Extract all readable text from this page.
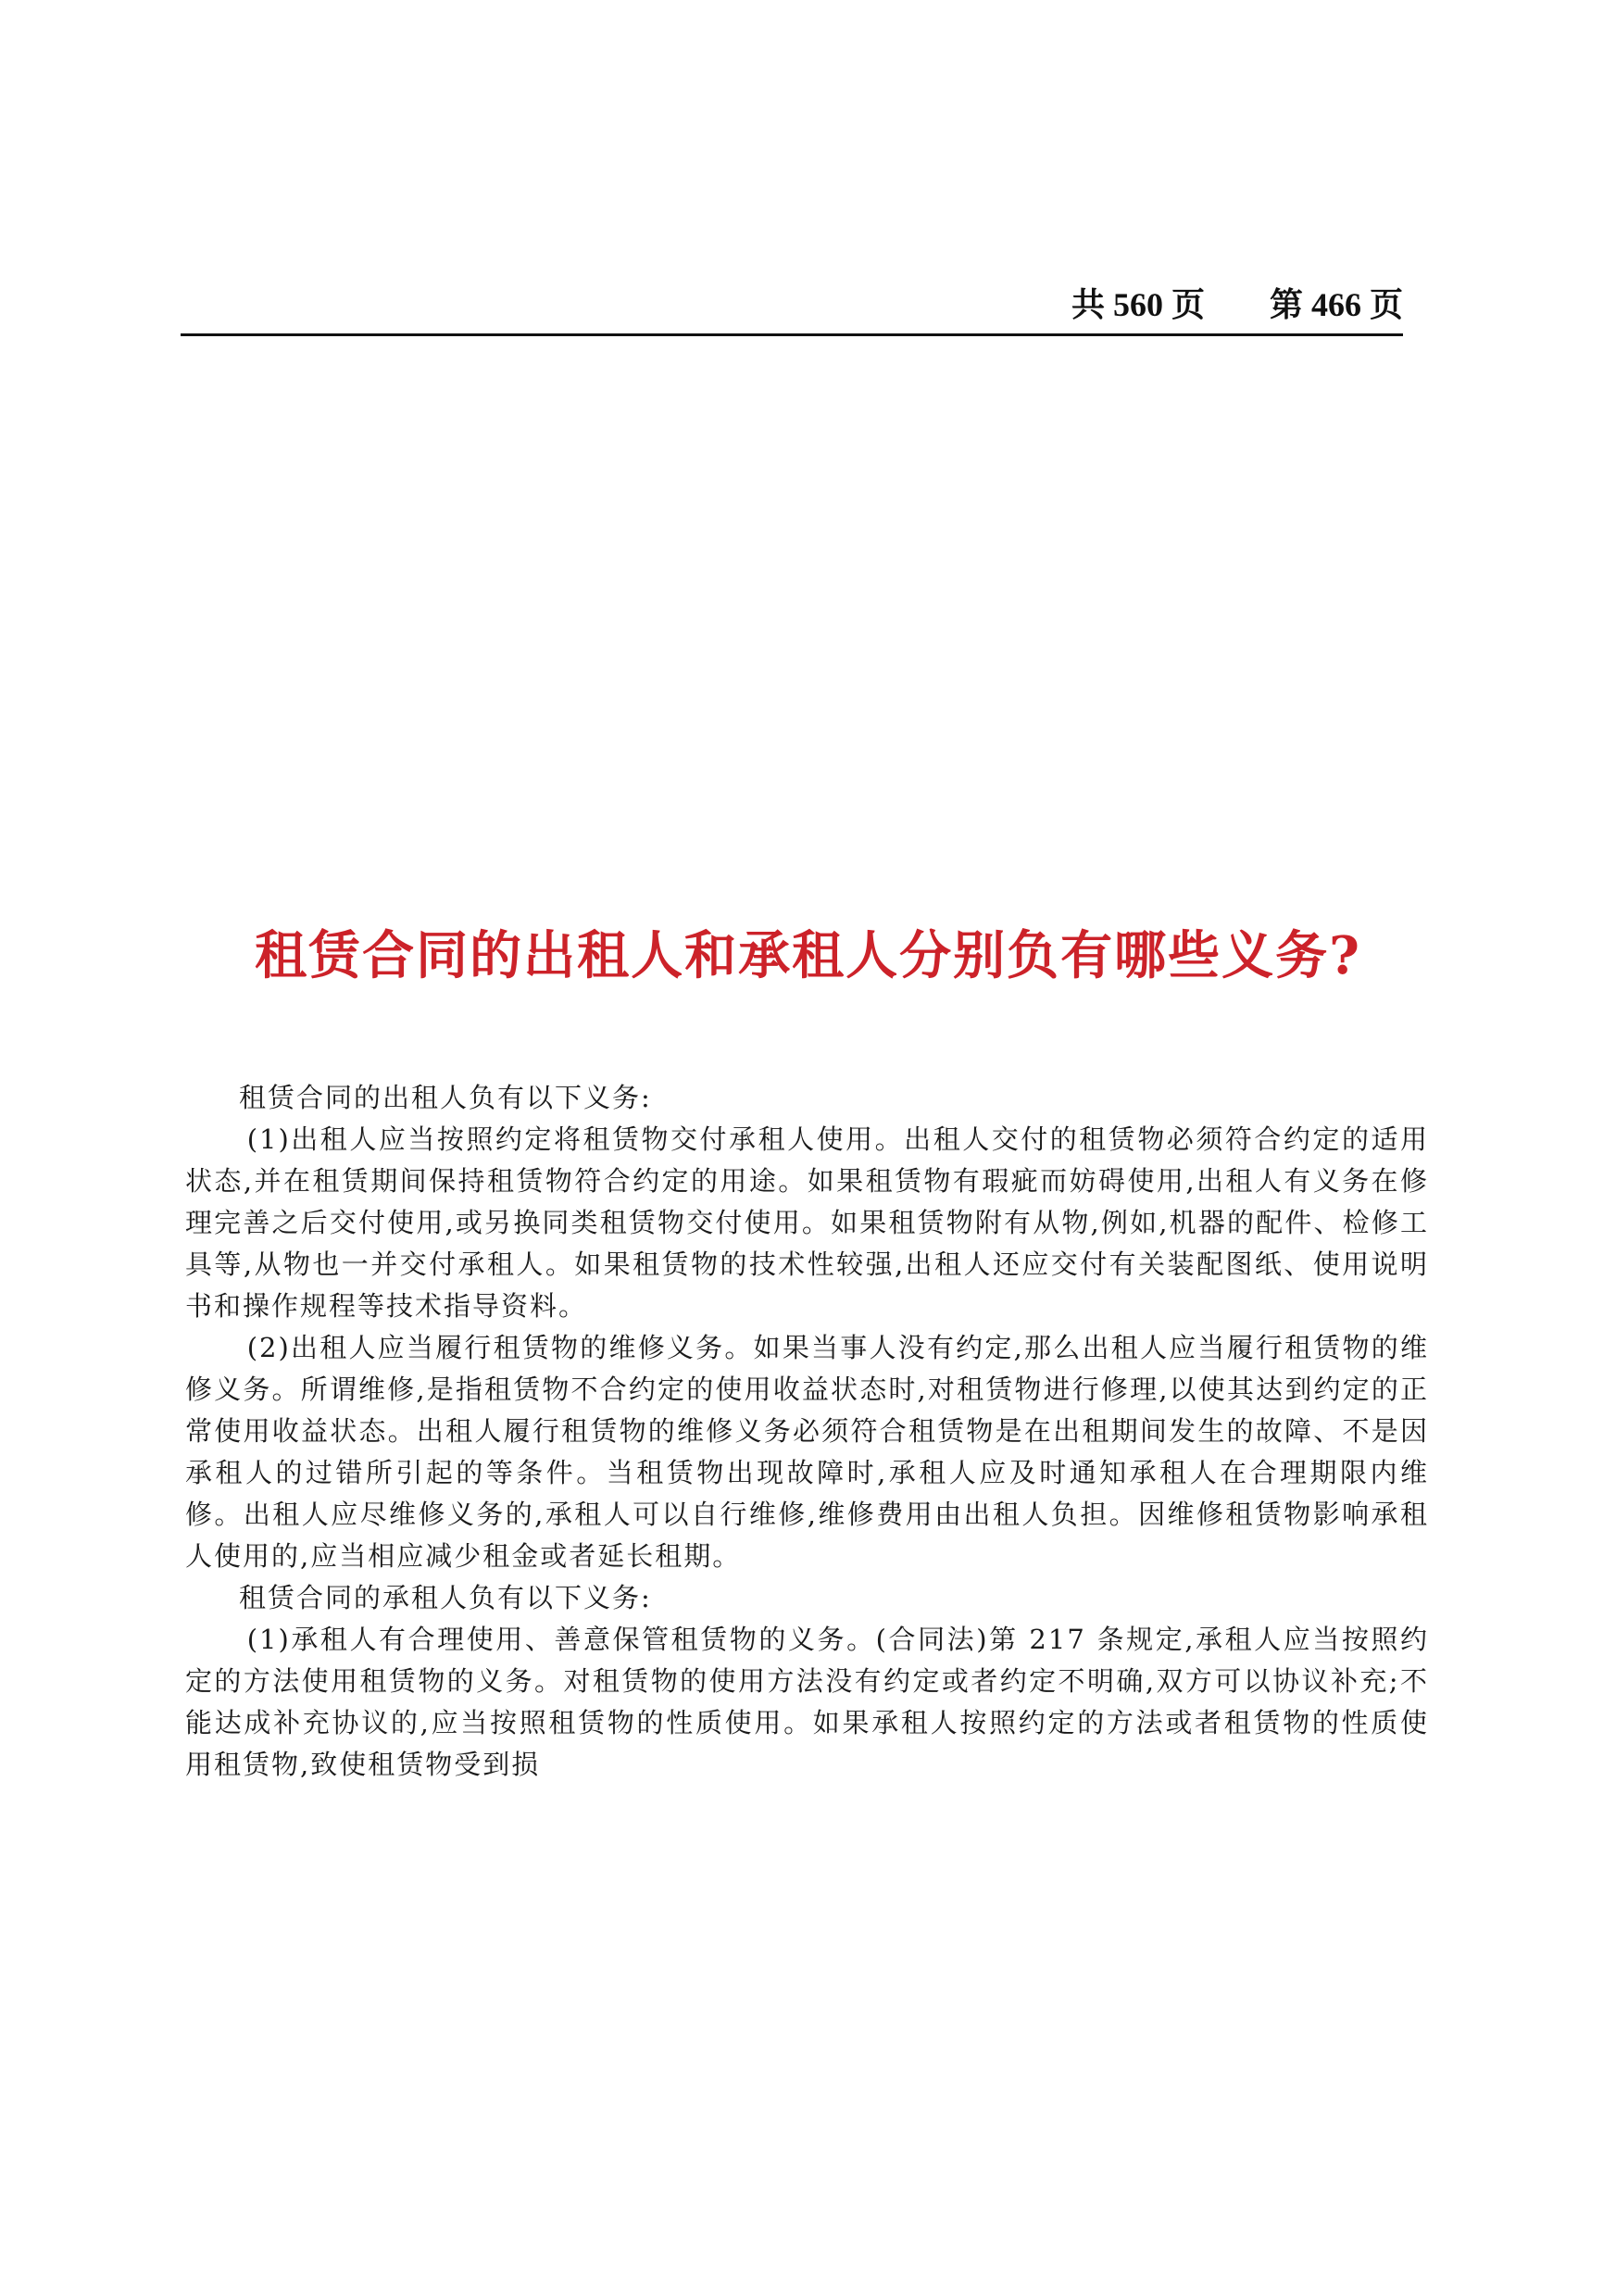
共 560 页 第 466 页
租赁合同的出租人和承租人分别负有哪些义务?

租赁合同的出租人负有以下义务:

(1)出租人应当按照约定将租赁物交付承租人使用。出租人交付的租赁物必须符合约定的适用状态,并在租赁期间保持租赁物符合约定的用途。如果租赁物有瑕疵而妨碍使用,出租人有义务在修理完善之后交付使用,或另换同类租赁物交付使用。如果租赁物附有从物,例如,机器的配件、检修工具等,从物也一并交付承租人。如果租赁物的技术性较强,出租人还应交付有关装配图纸、使用说明书和操作规程等技术指导资料。

(2)出租人应当履行租赁物的维修义务。如果当事人没有约定,那么出租人应当履行租赁物的维修义务。所谓维修,是指租赁物不合约定的使用收益状态时,对租赁物进行修理,以使其达到约定的正常使用收益状态。出租人履行租赁物的维修义务必须符合租赁物是在出租期间发生的故障、不是因承租人的过错所引起的等条件。当租赁物出现故障时,承租人应及时通知承租人在合理期限内维修。出租人应尽维修义务的,承租人可以自行维修,维修费用由出租人负担。因维修租赁物影响承租人使用的,应当相应减少租金或者延长租期。

租赁合同的承租人负有以下义务:

(1)承租人有合理使用、善意保管租赁物的义务。(合同法)第 217 条规定,承租人应当按照约定的方法使用租赁物的义务。对租赁物的使用方法没有约定或者约定不明确,双方可以协议补充;不能达成补充协议的,应当按照租赁物的性质使用。如果承租人按照约定的方法或者租赁物的性质使用租赁物,致使租赁物受到损
